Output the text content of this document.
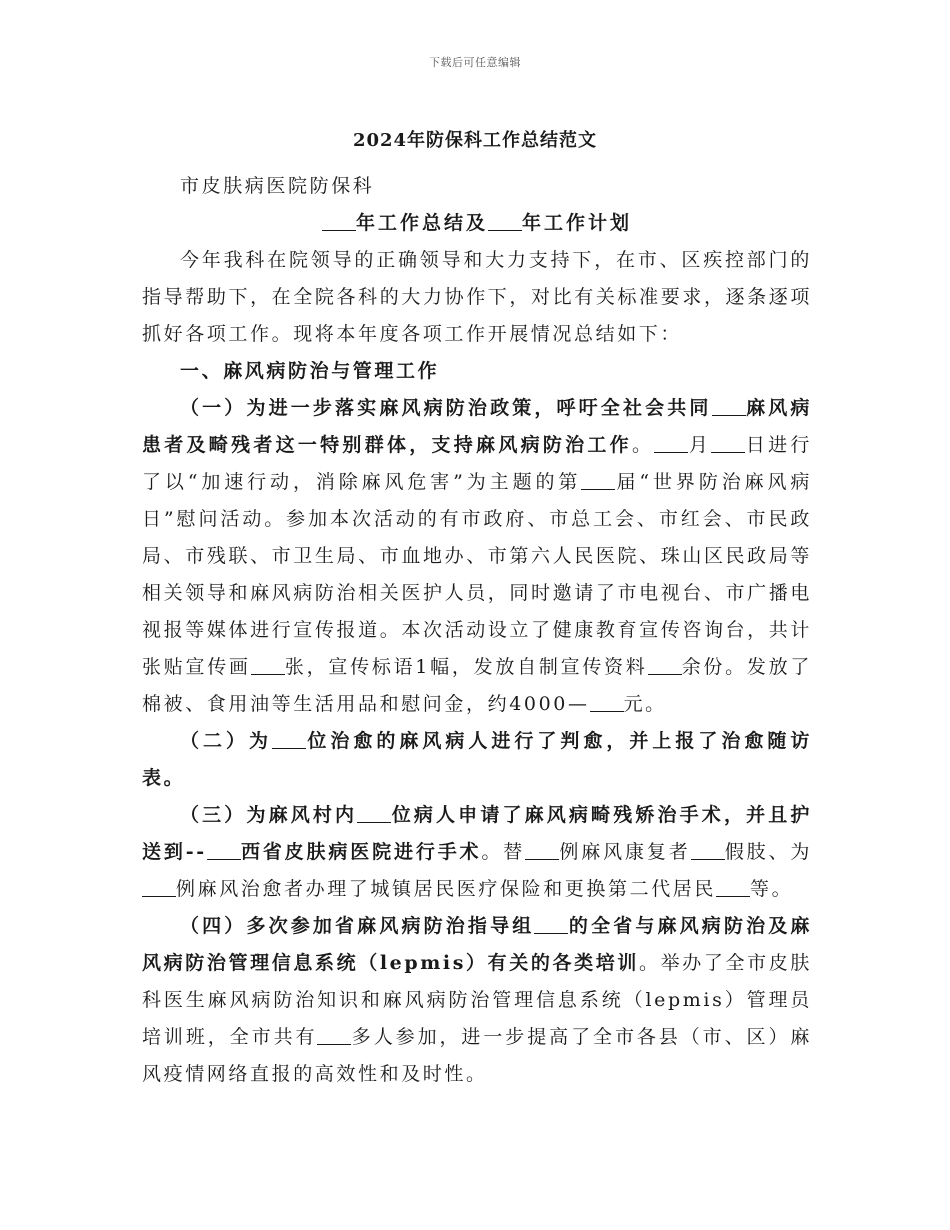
下载后可任意编辑
2024年防保科工作总结范文

市皮肤病医院防保科

年工作总结及 年工作计划

今年我科在院领导的正确领导和大力支持下，在市、区疾控部门的指导帮助下，在全院各科的大力协作下，对比有关标准要求，逐条逐项抓好各项工作。现将本年度各项工作开展情况总结如下：

一、麻风病防治与管理工作

（一）为进一步落实麻风病防治政策，呼吁全社会共同 麻风病患者及畸残者这一特别群体，支持麻风病防治工作。 月 日进行了以“加速行动，消除麻风危害”为主题的第 届“世界防治麻风病日”慰问活动。参加本次活动的有市政府、市总工会、市红会、市民政局、市残联、市卫生局、市血地办、市第六人民医院、珠山区民政局等相关领导和麻风病防治相关医护人员，同时邀请了市电视台、市广播电视报等媒体进行宣传报道。本次活动设立了健康教育宣传咨询台，共计张贴宣传画 张，宣传标语1幅，发放自制宣传资料 余份。发放了棉被、食用油等生活用品和慰问金，约4000— 元。

（二）为 位治愈的麻风病人进行了判愈，并上报了治愈随访表。

（三）为麻风村内 位病人申请了麻风病畸残矫治手术，并且护送到-- 西省皮肤病医院进行手术。替 例麻风康复者 假肢、为例麻风治愈者办理了城镇居民医疗保险和更换第二代居民 等。

（四）多次参加省麻风病防治指导组 的全省与麻风病防治及麻风病防治管理信息系统（lepmis）有关的各类培训。举办了全市皮肤科医生麻风病防治知识和麻风病防治管理信息系统（lepmis）管理员培训班，全市共有 多人参加，进一步提高了全市各县（市、区）麻风疫情网络直报的高效性和及时性。
